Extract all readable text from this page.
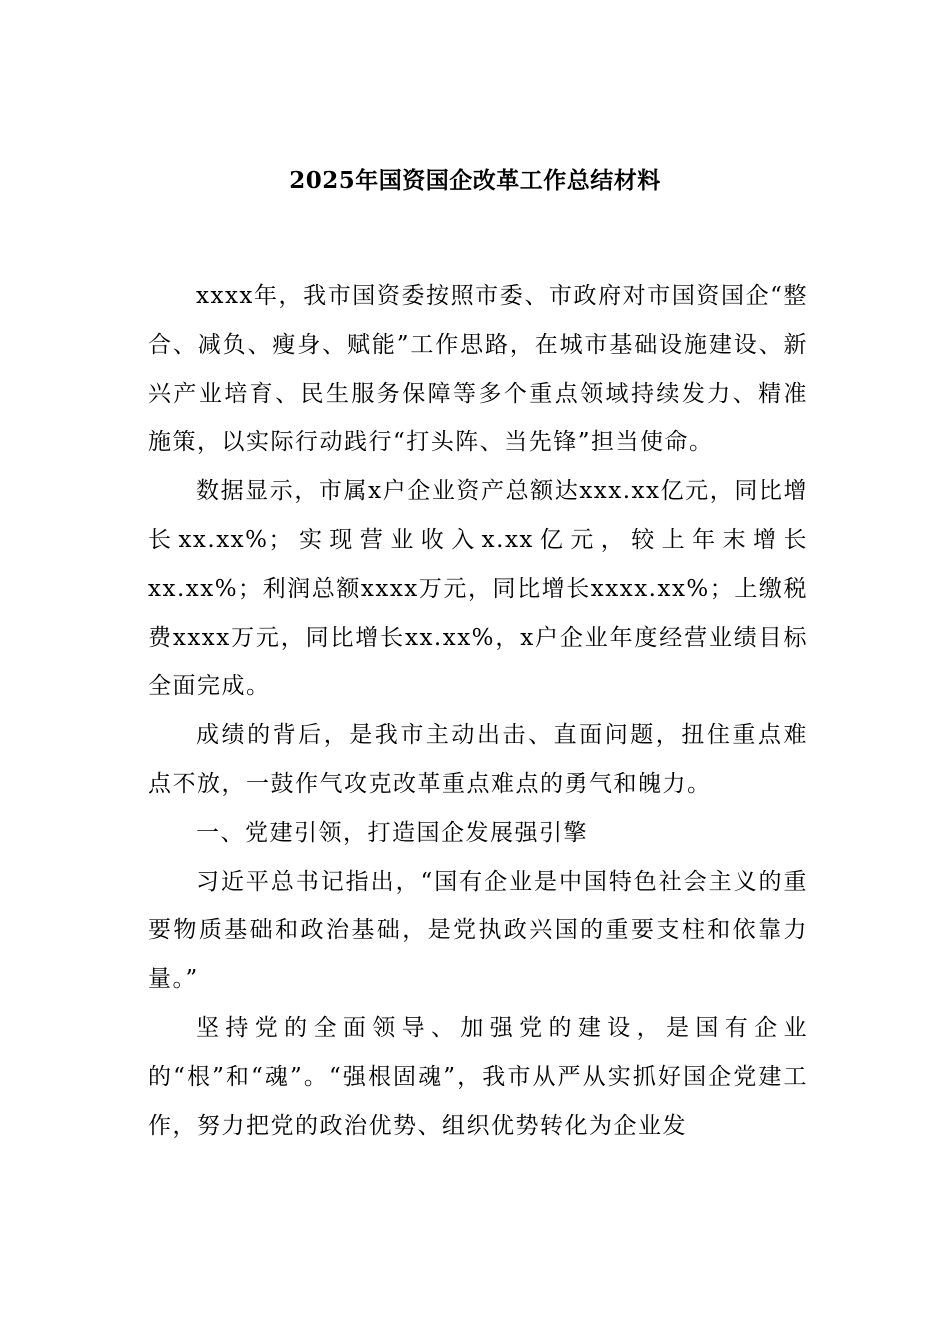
2025年国资国企改革工作总结材料

xxxx年，我市国资委按照市委、市政府对市国资国企“整合、减负、瘦身、赋能”工作思路，在城市基础设施建设、新兴产业培育、民生服务保障等多个重点领域持续发力、精准施策，以实际行动践行“打头阵、当先锋”担当使命。

数据显示，市属x户企业资产总额达xxx.xx亿元，同比增长xx.xx%；实现营业收入x.xx亿元，较上年末增长xx.xx%；利润总额xxxx万元，同比增长xxxx.xx%；上缴税费xxxx万元，同比增长xx.xx%，x户企业年度经营业绩目标全面完成。

成绩的背后，是我市主动出击、直面问题，扭住重点难点不放，一鼓作气攻克改革重点难点的勇气和魄力。

一、党建引领，打造国企发展强引擎

习近平总书记指出，“国有企业是中国特色社会主义的重要物质基础和政治基础，是党执政兴国的重要支柱和依靠力量。”

坚持党的全面领导、加强党的建设，是国有企业的“根”和“魂”。“强根固魂”，我市从严从实抓好国企党建工作，努力把党的政治优势、组织优势转化为企业发
